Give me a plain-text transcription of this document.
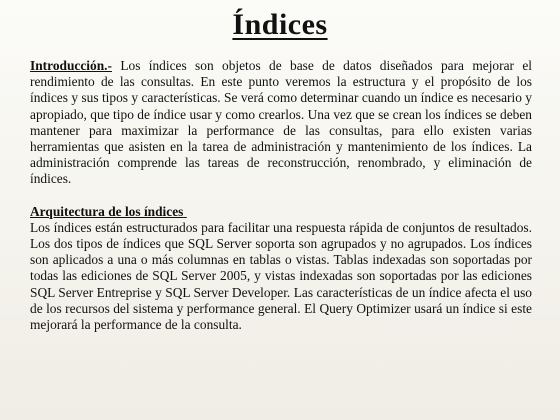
Índices

Introducción.- Los índices son objetos de base de datos diseñados para mejorar el rendimiento de las consultas. En este punto veremos la estructura y el propósito de los índices y sus tipos y características. Se verá como determinar cuando un índice es necesario y apropiado, que tipo de índice usar y como crearlos. Una vez que se crean los índices se deben mantener para maximizar la performance de las consultas, para ello existen varias herramientas que asisten en la tarea de administración y mantenimiento de los índices. La administración comprende las tareas de reconstrucción, renombrado, y eliminación de índices.

Arquitectura de los índices

Los índices están estructurados para facilitar una respuesta rápida de conjuntos de resultados. Los dos tipos de índices que SQL Server soporta son agrupados y no agrupados. Los índices son aplicados a una o más columnas en tablas o vistas. Tablas indexadas son soportadas por todas las ediciones de SQL Server 2005, y vistas indexadas son soportadas por las ediciones SQL Server Entreprise y SQL Server Developer. Las características de un índice afecta el uso de los recursos del sistema y performance general. El Query Optimizer usará un índice si este mejorará la performance de la consulta.
